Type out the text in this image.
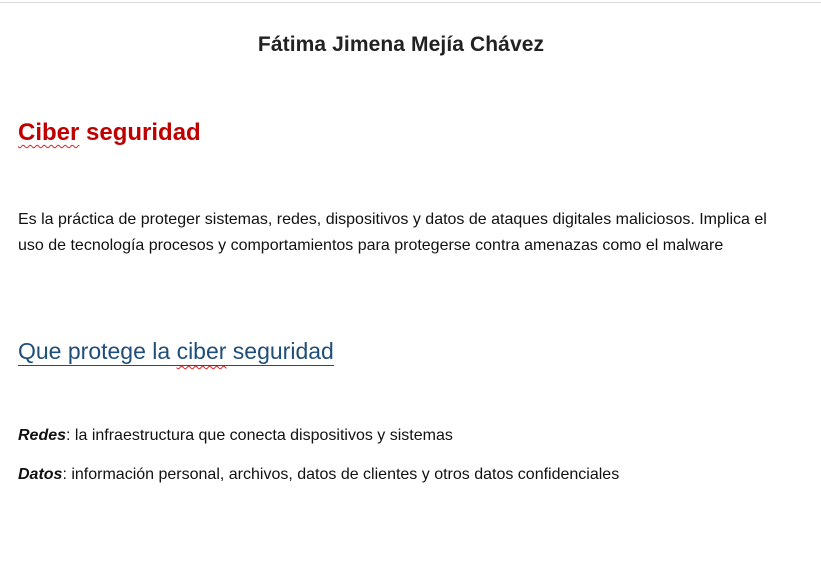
Fátima Jimena Mejía Chávez
Ciber seguridad
Es la práctica de proteger sistemas, redes, dispositivos y datos de ataques digitales maliciosos. Implica el uso de tecnología procesos y comportamientos para protegerse contra amenazas como el malware
Que protege la ciber seguridad
Redes: la infraestructura que conecta dispositivos y sistemas
Datos: información personal, archivos, datos de clientes y otros datos confidenciales
